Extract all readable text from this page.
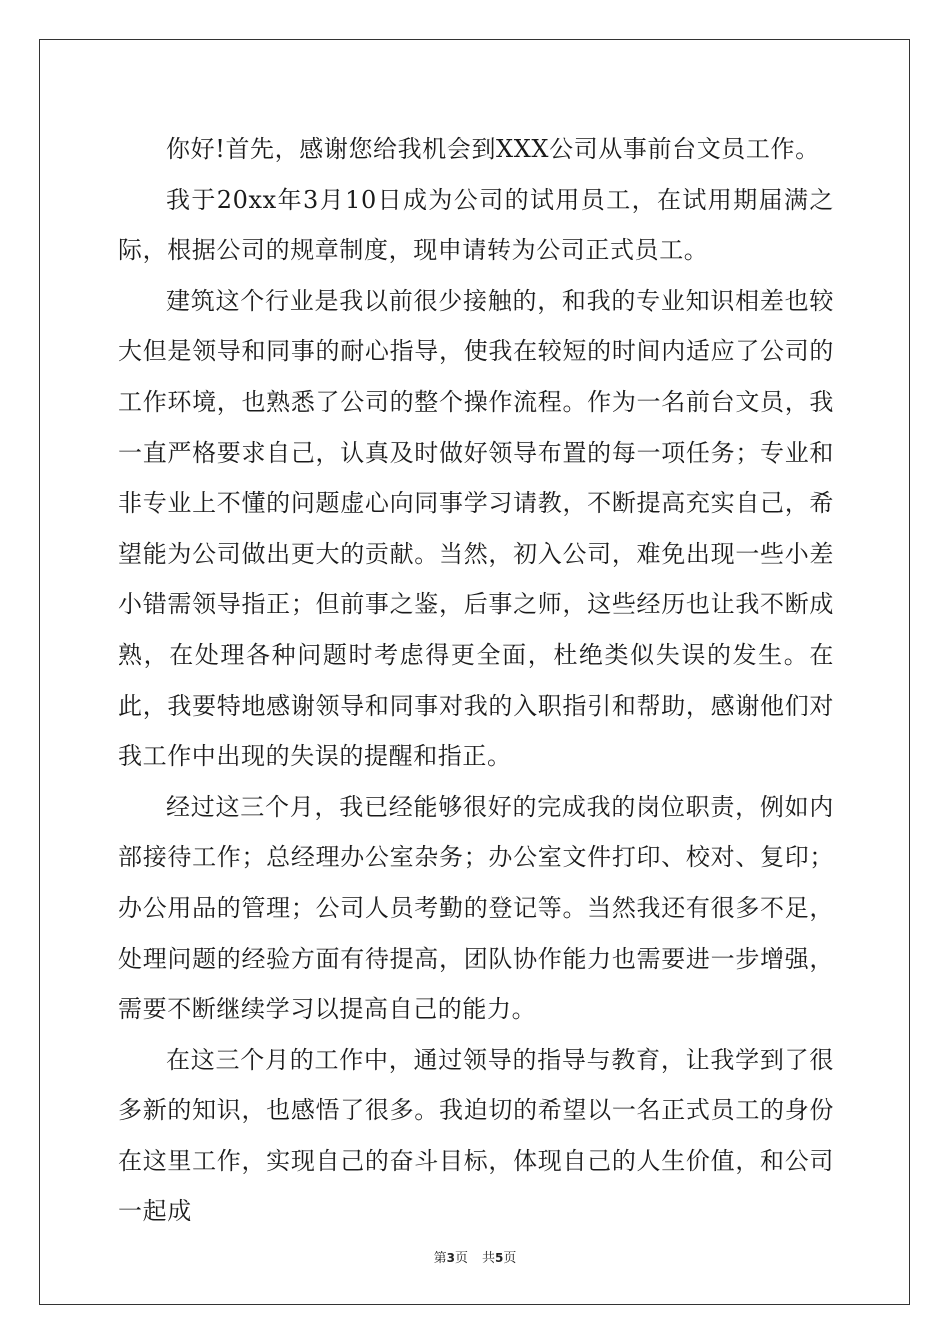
你好!首先，感谢您给我机会到XXX公司从事前台文员工作。

我于20xx年3月10日成为公司的试用员工，在试用期届满之际，根据公司的规章制度，现申请转为公司正式员工。

建筑这个行业是我以前很少接触的，和我的专业知识相差也较大但是领导和同事的耐心指导，使我在较短的时间内适应了公司的工作环境，也熟悉了公司的整个操作流程。作为一名前台文员，我一直严格要求自己，认真及时做好领导布置的每一项任务；专业和非专业上不懂的问题虚心向同事学习请教，不断提高充实自己，希望能为公司做出更大的贡献。当然，初入公司，难免出现一些小差小错需领导指正；但前事之鉴，后事之师，这些经历也让我不断成熟，在处理各种问题时考虑得更全面，杜绝类似失误的发生。在此，我要特地感谢领导和同事对我的入职指引和帮助，感谢他们对我工作中出现的失误的提醒和指正。

经过这三个月，我已经能够很好的完成我的岗位职责，例如内部接待工作；总经理办公室杂务；办公室文件打印、校对、复印；办公用品的管理；公司人员考勤的登记等。当然我还有很多不足，处理问题的经验方面有待提高，团队协作能力也需要进一步增强，需要不断继续学习以提高自己的能力。

在这三个月的工作中，通过领导的指导与教育，让我学到了很多新的知识，也感悟了很多。我迫切的希望以一名正式员工的身份在这里工作，实现自己的奋斗目标，体现自己的人生价值，和公司一起成

第3页 共5页
